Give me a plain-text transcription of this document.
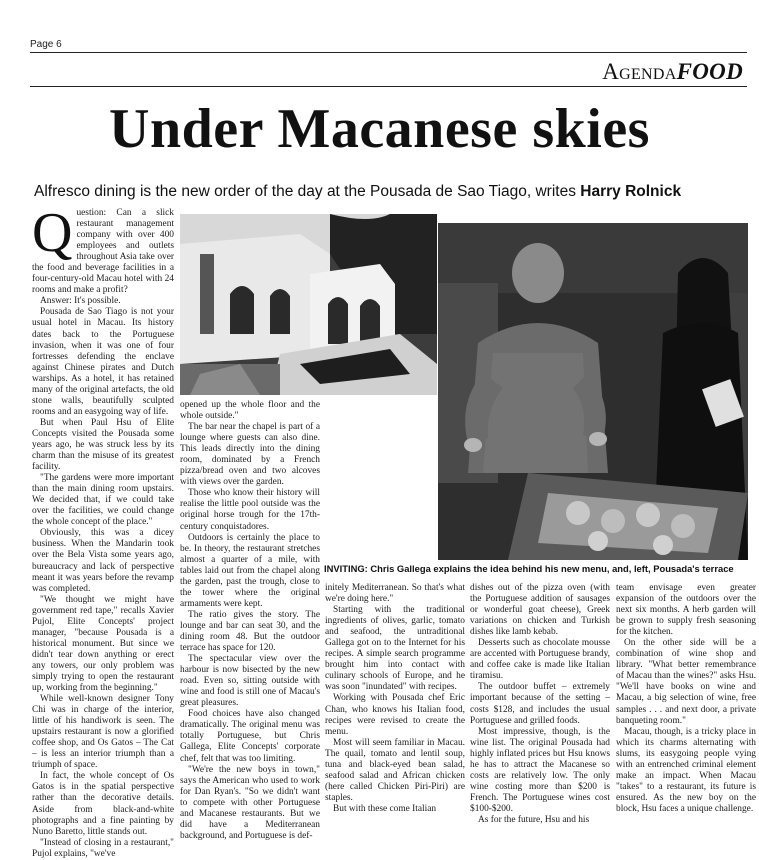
Page 6
AgendaFOOD
Under Macanese skies
Alfresco dining is the new order of the day at the Pousada de Sao Tiago, writes Harry Rolnick
Q uestion: Can a slick restaurant management company with over 400 employees and outlets throughout Asia take over the food and beverage facilities in a four-century-old Macau hotel with 24 rooms and make a profit?

Answer: It's possible.

Pousada de Sao Tiago is not your usual hotel in Macau. Its history dates back to the Portuguese invasion, when it was one of four fortresses defending the enclave against Chinese pirates and Dutch warships. As a hotel, it has retained many of the original artefacts, the old stone walls, beautifully sculpted rooms and an easygoing way of life.

But when Paul Hsu of Elite Concepts visited the Pousada some years ago, he was struck less by its charm than the misuse of its greatest facility.

"The gardens were more important than the main dining room upstairs. We decided that, if we could take over the facilities, we could change the whole concept of the place."

Obviously, this was a dicey business. When the Mandarin took over the Bela Vista some years ago, bureaucracy and lack of perspective meant it was years before the revamp was completed.

"We thought we might have government red tape," recalls Xavier Pujol, Elite Concepts' project manager, "because Pousada is a historical monument. But since we didn't tear down anything or erect any towers, our only problem was simply trying to open the restaurant up, working from the beginning."

While well-known designer Tony Chi was in charge of the interior, little of his handiwork is seen. The upstairs restaurant is now a glorified coffee shop, and Os Gatos – The Cat – is less an interior triumph than a triumph of space.

In fact, the whole concept of Os Gatos is in the spatial perspective rather than the decorative details. Aside from black-and-white photographs and a fine painting by Nuno Baretto, little stands out.

"Instead of closing in a restaurant," Pujol explains, "we've

opened up the whole floor and the whole outside."

The bar near the chapel is part of a lounge where guests can also dine. This leads directly into the dining room, dominated by a French pizza/bread oven and two alcoves with views over the garden.

Those who know their history will realise the little pool outside was the original horse trough for the 17th-century conquistadores.

Outdoors is certainly the place to be. In theory, the restaurant stretches almost a quarter of a mile, with tables laid out from the chapel along the garden, past the trough, close to the tower where the original armaments were kept.

The ratio gives the story. The lounge and bar can seat 30, and the dining room 48. But the outdoor terrace has space for 120.

The spectacular view over the harbour is now bisected by the new road. Even so, sitting outside with wine and food is still one of Macau's great pleasures.

Food choices have also changed dramatically. The original menu was totally Portuguese, but Chris Gallega, Elite Concepts' corporate chef, felt that was too limiting.

"We're the new boys in town," says the American who used to work for Dan Ryan's. "So we didn't want to compete with other Portuguese and Macanese restaurants. But we did have a Mediterranean background, and Portuguese is def-

initely Mediterranean. So that's what we're doing here."

Starting with the traditional ingredients of olives, garlic, tomato and seafood, the untraditional Gallega got on to the Internet for his recipes. A simple search programme brought him into contact with culinary schools of Europe, and he was soon "inundated" with recipes.

Working with Pousada chef Eric Chan, who knows his Italian food, recipes were revised to create the menu.

Most will seem familiar in Macau. The quail, tomato and lentil soup, tuna and black-eyed bean salad, seafood salad and African chicken (here called Chicken Piri-Piri) are staples.

But with these come Italian

dishes out of the pizza oven (with the Portuguese addition of sausages or wonderful goat cheese), Greek variations on chicken and Turkish dishes like lamb kebab.

Desserts such as chocolate mousse are accented with Portuguese brandy, and coffee cake is made like Italian tiramisu.

The outdoor buffet – extremely important because of the setting – costs $128, and includes the usual Portuguese and grilled foods.

Most impressive, though, is the wine list. The original Pousada had highly inflated prices but Hsu knows he has to attract the Macanese so costs are relatively low. The only wine costing more than $200 is French. The Portuguese wines cost $100-$200.

As for the future, Hsu and his

team envisage even greater expansion of the outdoors over the next six months. A herb garden will be grown to supply fresh seasoning for the kitchen.

On the other side will be a combination of wine shop and library. "What better remembrance of Macau than the wines?" asks Hsu. "We'll have books on wine and Macau, a big selection of wine, free samples . . . and next door, a private banqueting room."

Macau, though, is a tricky place in which its charms alternating with slums, its easygoing people vying with an entrenched criminal element make an impact. When Macau "takes" to a restaurant, its future is ensured. As the new boy on the block, Hsu faces a unique challenge.

INVITING: Chris Gallega explains the idea behind his new menu, and, left, Pousada's terrace
